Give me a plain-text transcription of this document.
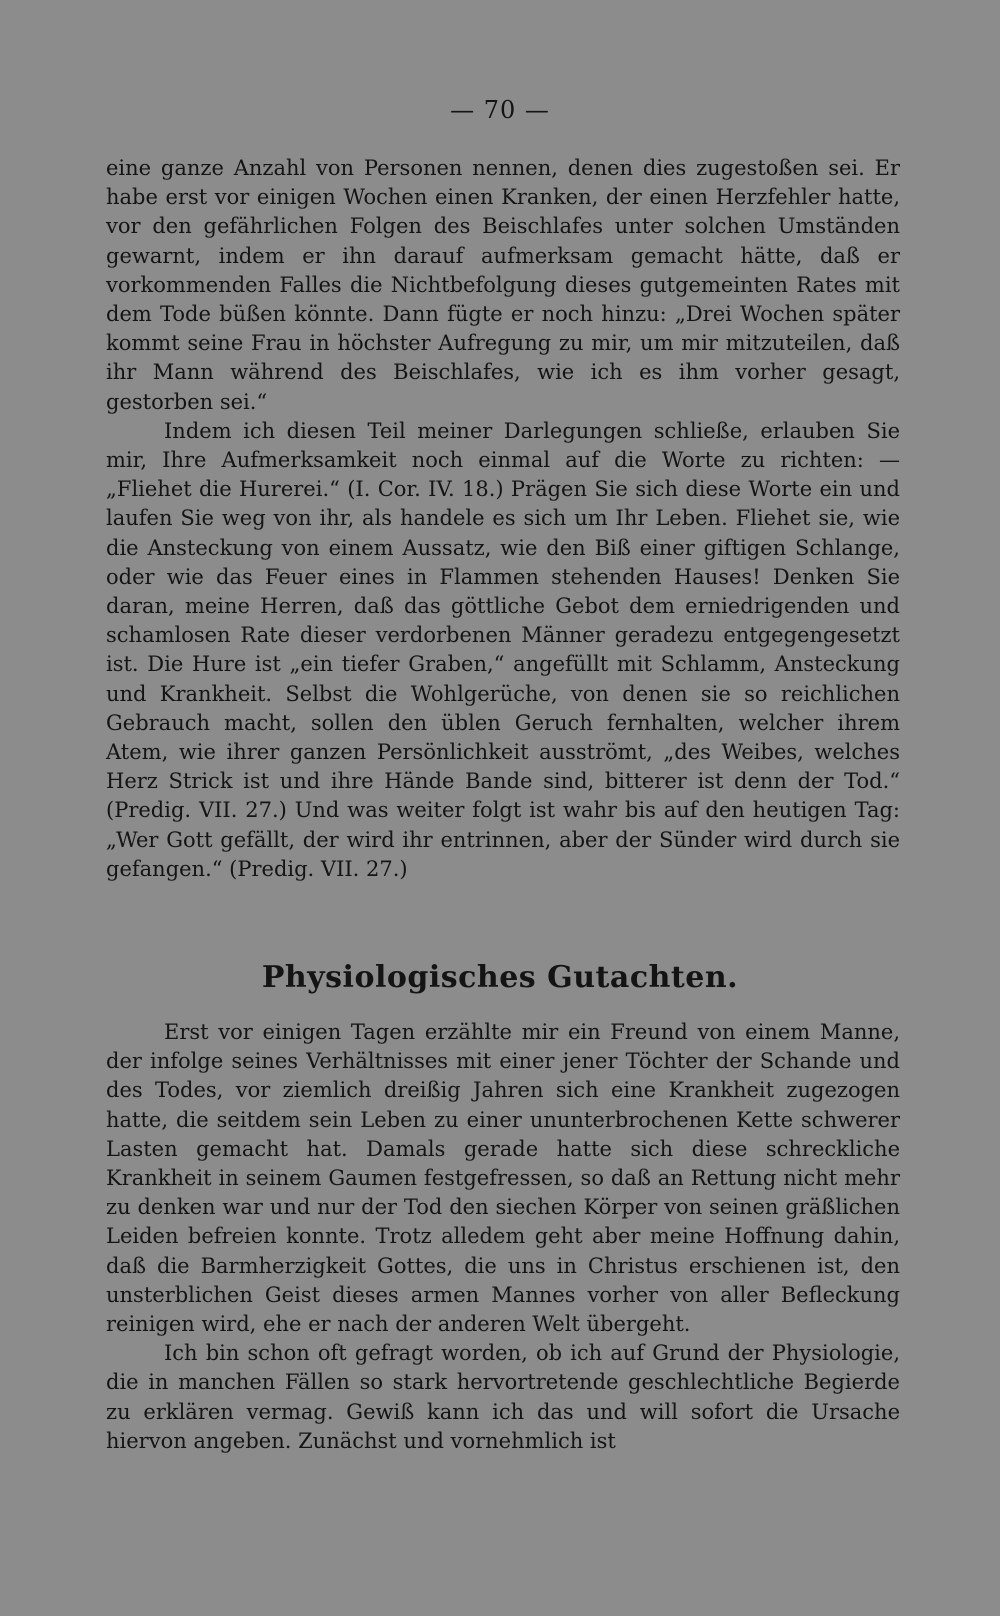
— 70 —

eine ganze Anzahl von Personen nennen, denen dies zugestoßen sei. Er habe erst vor einigen Wochen einen Kranken, der einen Herzfehler hatte, vor den gefährlichen Folgen des Beischlafes unter solchen Umständen gewarnt, indem er ihn darauf aufmerksam gemacht hätte, daß er vorkommenden Falles die Nichtbefolgung dieses gutgemeinten Rates mit dem Tode büßen könnte. Dann fügte er noch hinzu: „Drei Wochen später kommt seine Frau in höchster Aufregung zu mir, um mir mitzuteilen, daß ihr Mann während des Beischlafes, wie ich es ihm vorher gesagt, gestorben sei.“

Indem ich diesen Teil meiner Darlegungen schließe, erlauben Sie mir, Ihre Aufmerksamkeit noch einmal auf die Worte zu richten: — „Fliehet die Hurerei.“ (I. Cor. IV. 18.) Prägen Sie sich diese Worte ein und laufen Sie weg von ihr, als handele es sich um Ihr Leben. Fliehet sie, wie die Ansteckung von einem Aussatz, wie den Biß einer giftigen Schlange, oder wie das Feuer eines in Flammen stehenden Hauses! Denken Sie daran, meine Herren, daß das göttliche Gebot dem erniedrigenden und schamlosen Rate dieser verdorbenen Männer geradezu entgegengesetzt ist. Die Hure ist „ein tiefer Graben,“ angefüllt mit Schlamm, Ansteckung und Krankheit. Selbst die Wohlgerüche, von denen sie so reichlichen Gebrauch macht, sollen den üblen Geruch fernhalten, welcher ihrem Atem, wie ihrer ganzen Persönlichkeit ausströmt, „des Weibes, welches Herz Strick ist und ihre Hände Bande sind, bitterer ist denn der Tod.“ (Predig. VII. 27.) Und was weiter folgt ist wahr bis auf den heutigen Tag: „Wer Gott gefällt, der wird ihr entrinnen, aber der Sünder wird durch sie gefangen.“ (Predig. VII. 27.)

Physiologisches Gutachten.

Erst vor einigen Tagen erzählte mir ein Freund von einem Manne, der infolge seines Verhältnisses mit einer jener Töchter der Schande und des Todes, vor ziemlich dreißig Jahren sich eine Krankheit zugezogen hatte, die seitdem sein Leben zu einer ununterbrochenen Kette schwerer Lasten gemacht hat. Damals gerade hatte sich diese schreckliche Krankheit in seinem Gaumen festgefressen, so daß an Rettung nicht mehr zu denken war und nur der Tod den siechen Körper von seinen gräßlichen Leiden befreien konnte. Trotz alledem geht aber meine Hoffnung dahin, daß die Barmherzigkeit Gottes, die uns in Christus erschienen ist, den unsterblichen Geist dieses armen Mannes vorher von aller Befleckung reinigen wird, ehe er nach der anderen Welt übergeht.

Ich bin schon oft gefragt worden, ob ich auf Grund der Physiologie, die in manchen Fällen so stark hervortretende geschlechtliche Begierde zu erklären vermag. Gewiß kann ich das und will sofort die Ursache hiervon angeben. Zunächst und vornehmlich ist
